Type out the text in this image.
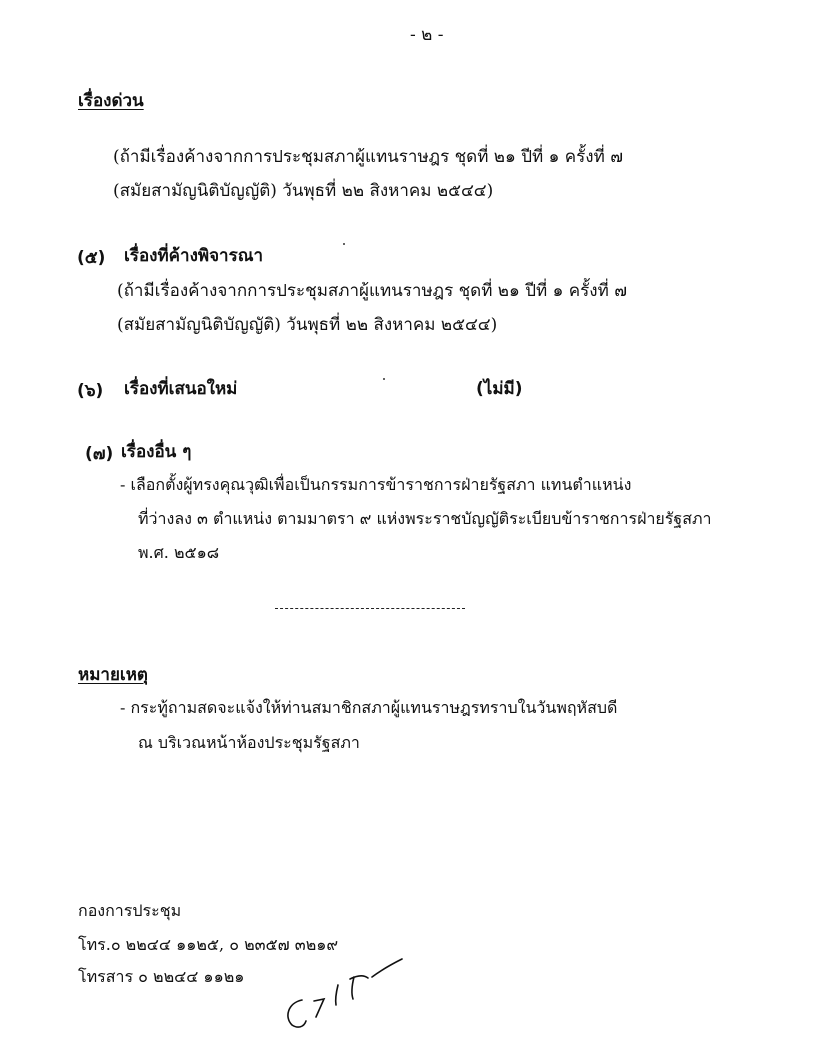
- ๒ -
เรื่องด่วน
(ถ้ามีเรื่องค้างจากการประชุมสภาผู้แทนราษฎร ชุดที่ ๒๑ ปีที่ ๑ ครั้งที่ ๗
(สมัยสามัญนิติบัญญัติ) วันพุธที่ ๒๒ สิงหาคม ๒๕๔๔)
(๕) เรื่องที่ค้างพิจารณา
(ถ้ามีเรื่องค้างจากการประชุมสภาผู้แทนราษฎร ชุดที่ ๒๑ ปีที่ ๑ ครั้งที่ ๗
(สมัยสามัญนิติบัญญัติ) วันพุธที่ ๒๒ สิงหาคม ๒๕๔๔)
(๖) เรื่องที่เสนอใหม่	(ไม่มี)
(๗) เรื่องอื่น ๆ
- เลือกตั้งผู้ทรงคุณวุฒิเพื่อเป็นกรรมการข้าราชการฝ่ายรัฐสภา แทนตำแหน่ง
ที่ว่างลง ๓ ตำแหน่ง ตามมาตรา ๙ แห่งพระราชบัญญัติระเบียบข้าราชการฝ่ายรัฐสภา
พ.ศ. ๒๕๑๘
หมายเหตุ
- กระทู้ถามสดจะแจ้งให้ท่านสมาชิกสภาผู้แทนราษฎรทราบในวันพฤหัสบดี
ณ บริเวณหน้าห้องประชุมรัฐสภา
กองการประชุม
โทร.๐ ๒๒๔๔ ๑๑๒๕, ๐ ๒๓๕๗ ๓๒๑๙
โทรสาร ๐ ๒๒๔๔ ๑๑๒๑
